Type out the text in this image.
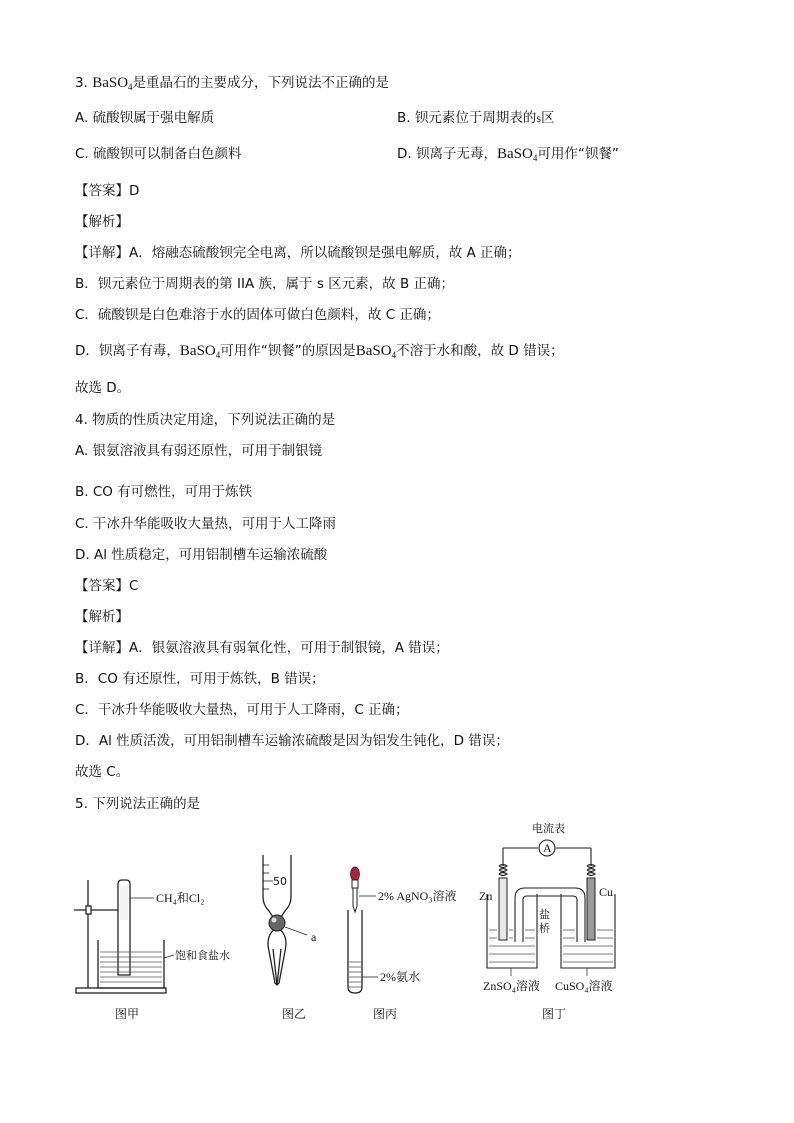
3. BaSO$_4$是重晶石的主要成分，下列说法不正确的是
A. 硫酸钡属于强电解质	B. 钡元素位于周期表的s区
C. 硫酸钡可以制备白色颜料	D. 钡离子无毒，BaSO$_4$可用作“钡餐”
【答案】D
【解析】
【详解】A．熔融态硫酸钡完全电离，所以硫酸钡是强电解质，故 A 正确；
B．钡元素位于周期表的第 IIA 族，属于 s 区元素，故 B 正确；
C．硫酸钡是白色难溶于水的固体可做白色颜料，故 C 正确；
D．钡离子有毒，BaSO$_4$可用作“钡餐”的原因是BaSO$_4$不溶于水和酸，故 D 错误；
故选 D。
4. 物质的性质决定用途，下列说法正确的是
A. 银氨溶液具有弱还原性，可用于制银镜
B. CO 有可燃性，可用于炼铁
C. 干冰升华能吸收大量热，可用于人工降雨
D. Al 性质稳定，可用铝制槽车运输浓硫酸
【答案】C
【解析】
【详解】A．银氨溶液具有弱氧化性，可用于制银镜，A 错误；
B．CO 有还原性，可用于炼铁，B 错误；
C．干冰升华能吸收大量热，可用于人工降雨，C 正确；
D．Al 性质活泼，可用铝制槽车运输浓硫酸是因为铝发生钝化，D 错误；
故选 C。
5. 下列说法正确的是
CH₄和Cl₂
饱和食盐水
图甲
50
a
图乙
2% AgNO₃溶液
2%氨水
图丙
电流表
A
Zn	Cu
盐
桥
ZnSO₄溶液 CuSO₄溶液
图丁
